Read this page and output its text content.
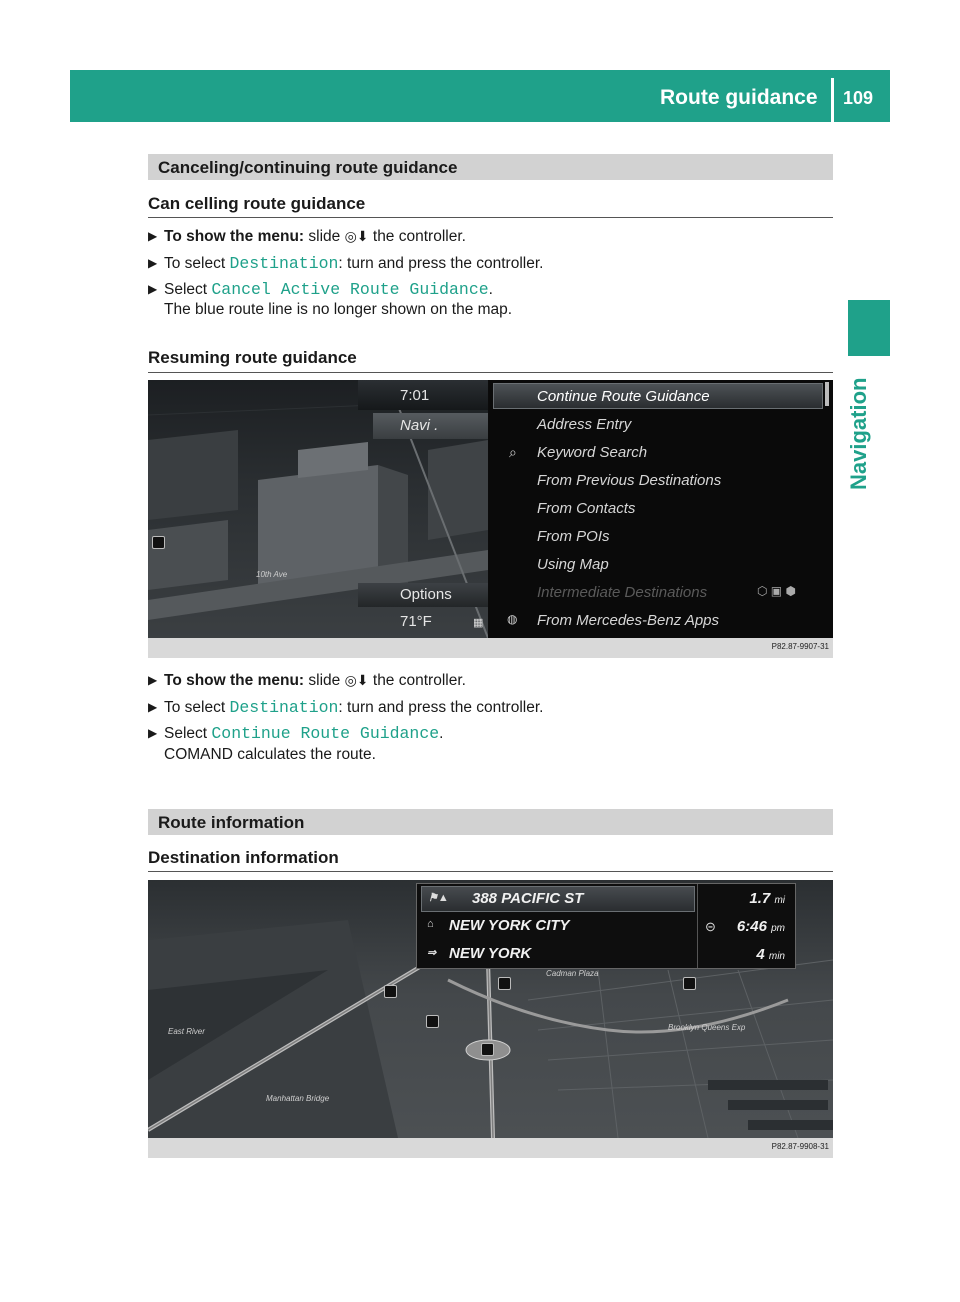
Route guidance 109
Navigation
Canceling/continuing route guidance
Can celling route guidance
▶ To show the menu: slide ◎⬇ the controller.
▶ To select Destination: turn and press the controller.
▶ Select Cancel Active Route Guidance.
The blue route line is no longer shown on the map.
Resuming route guidance
7:01
Navi .
10th Ave
Options
71°F	▦
Continue Route Guidance
Address Entry
⌕ Keyword Search
From Previous Destinations
From Contacts
From POIs
Using Map
Intermediate Destinations	⬡ ▣ ⬢
◍ From Mercedes-Benz Apps
P82.87-9907-31
▶ To show the menu: slide ◎⬇ the controller.
▶ To select Destination: turn and press the controller.
▶ Select Continue Route Guidance.
COMAND calculates the route.
Route information
Destination information
East River
Manhattan Bridge
Brooklyn Queens Exp
Cadman Plaza
⚑▲ 388 PACIFIC ST
⌂ NEW YORK CITY
⇒ NEW YORK
1.7 mi
⊝ 6:46 pm
4 min
P82.87-9908-31
